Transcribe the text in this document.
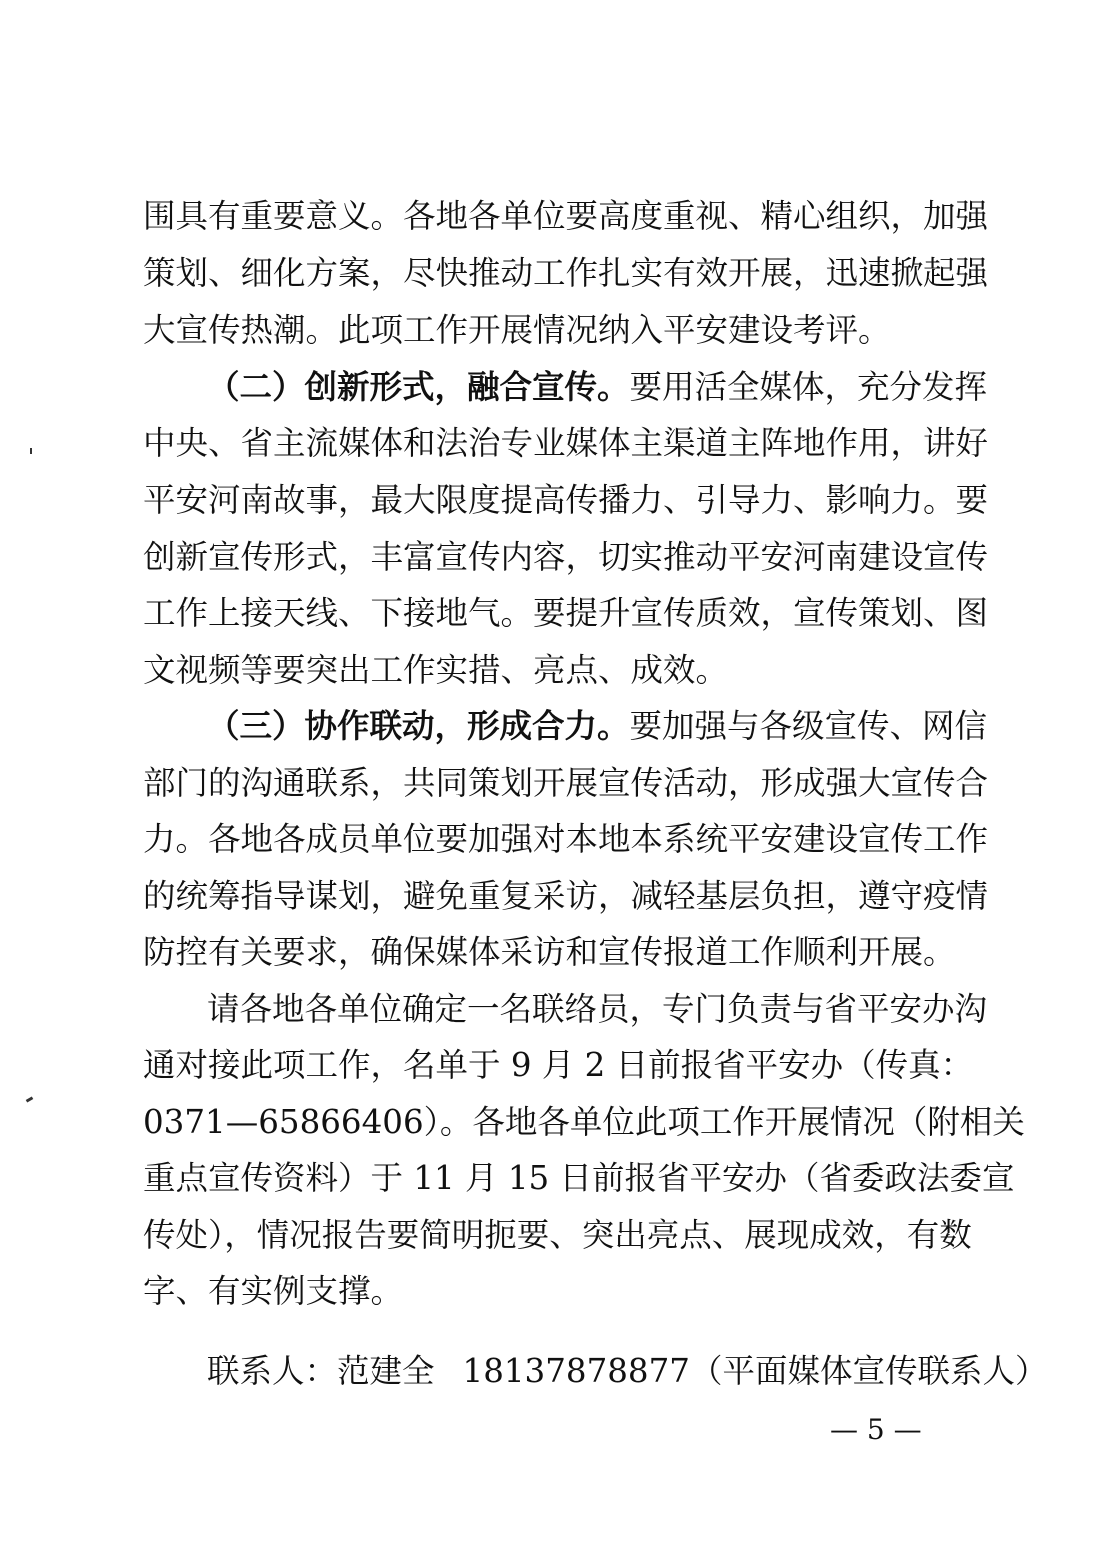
围具有重要意义。各地各单位要高度重视、精心组织，加强
策划、细化方案，尽快推动工作扎实有效开展，迅速掀起强
大宣传热潮。此项工作开展情况纳入平安建设考评。
（二）创新形式，融合宣传。要用活全媒体，充分发挥
中央、省主流媒体和法治专业媒体主渠道主阵地作用，讲好
平安河南故事，最大限度提高传播力、引导力、影响力。要
创新宣传形式，丰富宣传内容，切实推动平安河南建设宣传
工作上接天线、下接地气。要提升宣传质效，宣传策划、图
文视频等要突出工作实措、亮点、成效。
（三）协作联动，形成合力。要加强与各级宣传、网信
部门的沟通联系，共同策划开展宣传活动，形成强大宣传合
力。各地各成员单位要加强对本地本系统平安建设宣传工作
的统筹指导谋划，避免重复采访，减轻基层负担，遵守疫情
防控有关要求，确保媒体采访和宣传报道工作顺利开展。
请各地各单位确定一名联络员，专门负责与省平安办沟
通对接此项工作，名单于 9 月 2 日前报省平安办（传真：
0371—65866406）。各地各单位此项工作开展情况（附相关
重点宣传资料）于 11 月 15 日前报省平安办（省委政法委宣
传处），情况报告要简明扼要、突出亮点、展现成效，有数
字、有实例支撑。
联系人：范建全 18137878877（平面媒体宣传联系人）
— 5 —
